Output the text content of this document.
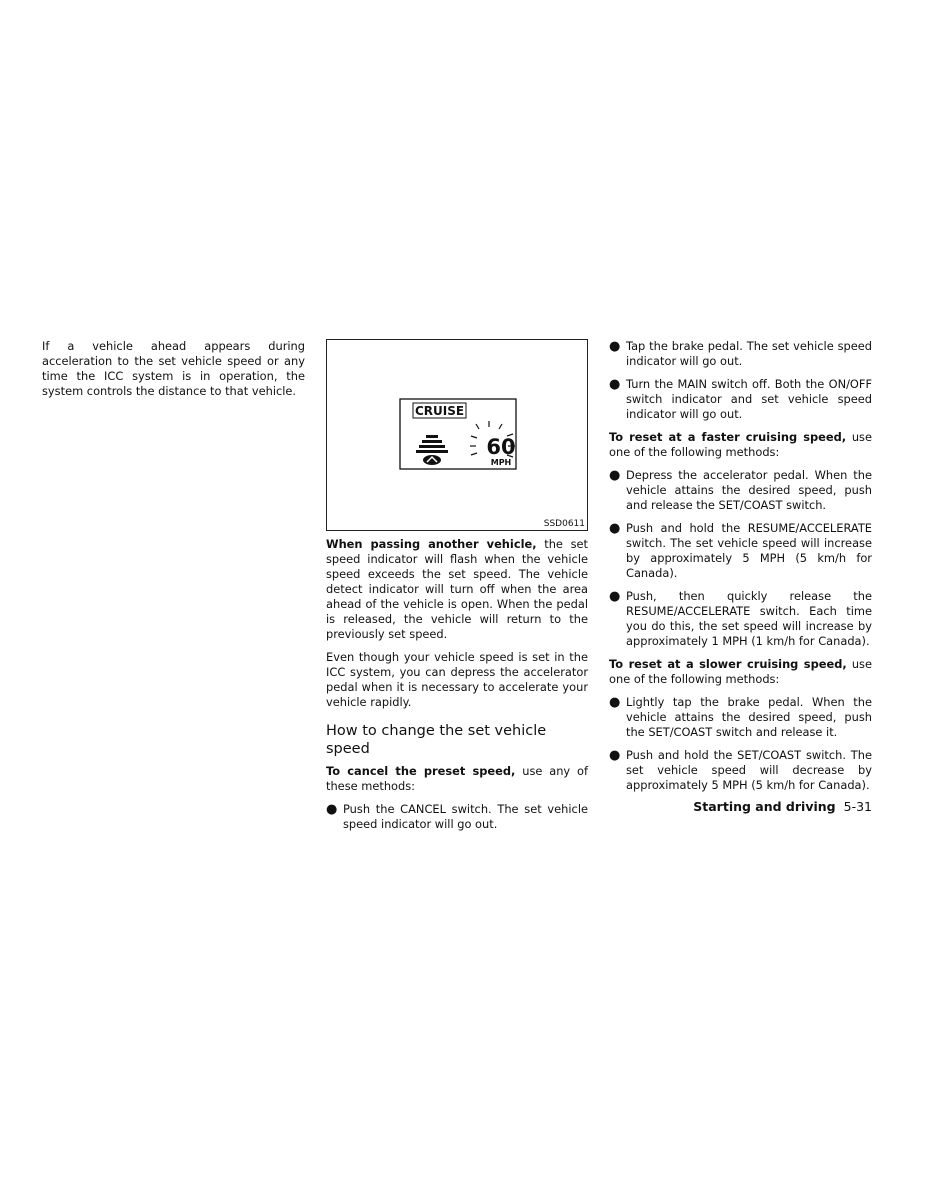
If a vehicle ahead appears during acceleration to the set vehicle speed or any time the ICC system is in operation, the system controls the distance to that vehicle.

CRUISE
60
MPH
SSD0611

When passing another vehicle, the set speed indicator will flash when the vehicle speed exceeds the set speed. The vehicle detect indicator will turn off when the area ahead of the vehicle is open. When the pedal is released, the vehicle will return to the previously set speed.

Even though your vehicle speed is set in the ICC system, you can depress the accelerator pedal when it is necessary to accelerate your vehicle rapidly.

How to change the set vehicle speed

To cancel the preset speed, use any of these methods:

● Push the CANCEL switch. The set vehicle speed indicator will go out.
● Tap the brake pedal. The set vehicle speed indicator will go out.
● Turn the MAIN switch off. Both the ON/OFF switch indicator and set vehicle speed indicator will go out.

To reset at a faster cruising speed, use one of the following methods:

● Depress the accelerator pedal. When the vehicle attains the desired speed, push and release the SET/COAST switch.
● Push and hold the RESUME/ACCELERATE switch. The set vehicle speed will increase by approximately 5 MPH (5 km/h for Canada).
● Push, then quickly release the RESUME/ACCELERATE switch. Each time you do this, the set speed will increase by approximately 1 MPH (1 km/h for Canada).

To reset at a slower cruising speed, use one of the following methods:

● Lightly tap the brake pedal. When the vehicle attains the desired speed, push the SET/COAST switch and release it.
● Push and hold the SET/COAST switch. The set vehicle speed will decrease by approximately 5 MPH (5 km/h for Canada).
Starting and driving 5-31
